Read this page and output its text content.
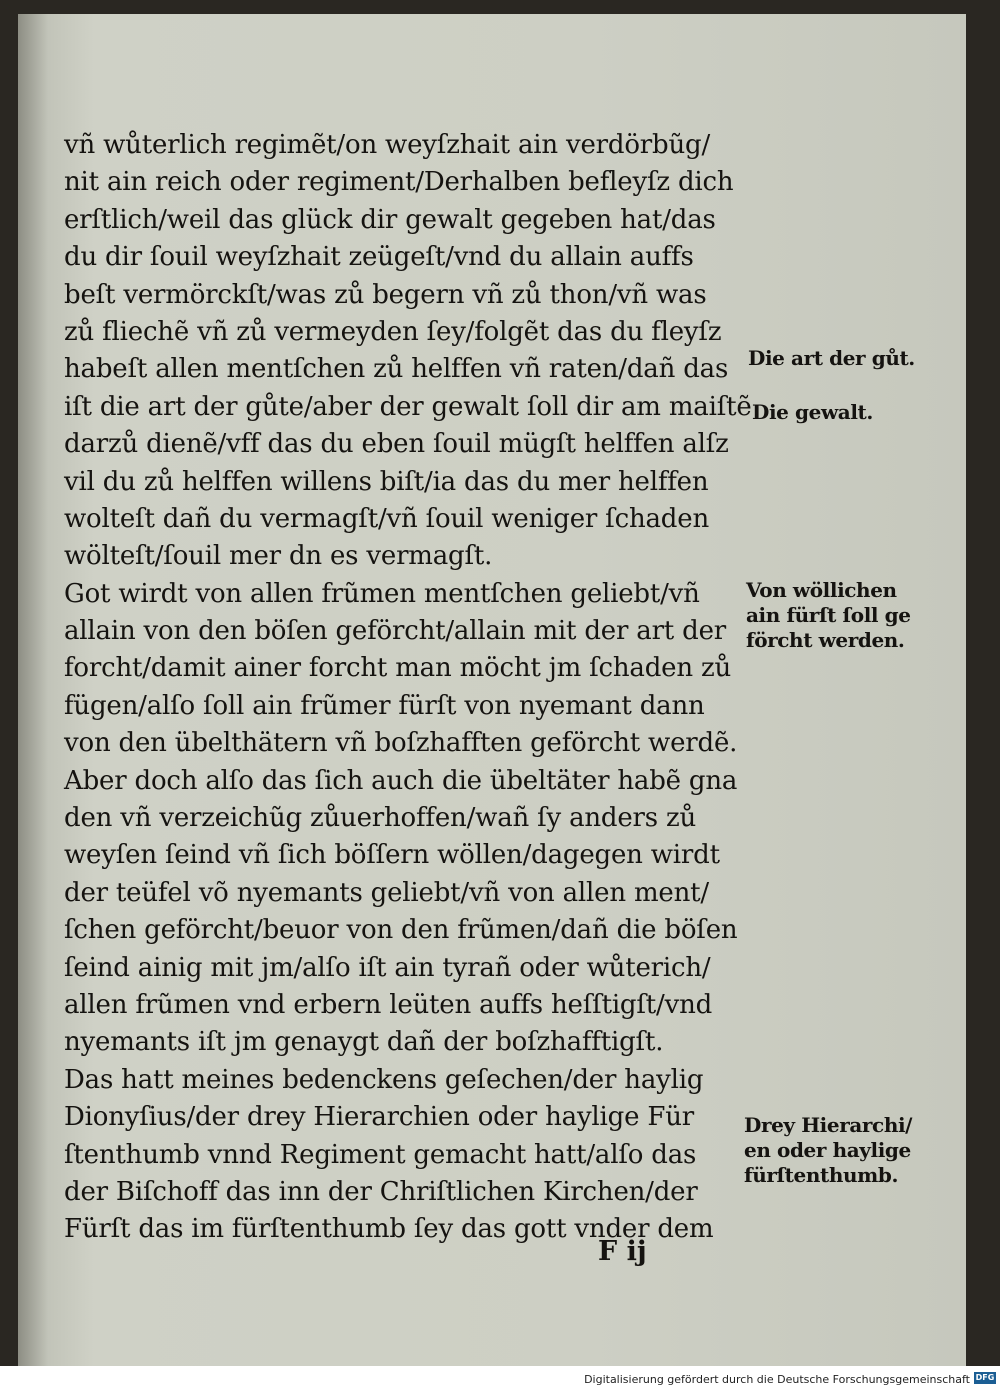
vñ wůterlich regimẽt/on weyſzhait ain verdörbũg/
nit ain reich oder regiment/Derhalben befleyſz dich
erſtlich/weil das glück dir gewalt gegeben hat/das
du dir ſouil weyſzhait zeügeſt/vnd du allain auffs
beſt vermörckſt/was zů begern vñ zů thon/vñ was
zů fliechẽ vñ zů vermeyden ſey/folgẽt das du fleyſz
habeſt allen mentſchen zů helffen vñ raten/dañ das
iſt die art der gůte/aber der gewalt ſoll dir am maiſtẽ
darzů dienẽ/vff das du eben ſouil mügſt helffen alſz
vil du zů helffen willens biſt/ia das du mer helffen
wolteſt dañ du vermagſt/vñ ſouil weniger ſchaden
wölteſt/ſouil mer dn es vermagſt.
Got wirdt von allen frũmen mentſchen geliebt/vñ
allain von den böſen geförcht/allain mit der art der
forcht/damit ainer forcht man möcht jm ſchaden zů
fügen/alſo ſoll ain frũmer fürſt von nyemant dann
von den übelthätern vñ boſzhafften geförcht werdẽ.
Aber doch alſo das ſich auch die übeltäter habẽ gna
den vñ verzeichũg zůuerhoffen/wañ ſy anders zů
weyſen ſeind vñ ſich böſſern wöllen/dagegen wirdt
der teüfel võ nyemants geliebt/vñ von allen ment/
ſchen geförcht/beuor von den frũmen/dañ die böſen
ſeind ainig mit jm/alſo iſt ain tyrañ oder wůterich/
allen frũmen vnd erbern leüten auffs heſſtigſt/vnd
nyemants iſt jm genaygt dañ der boſzhafftigſt.
Das hatt meines bedenckens geſechen/der haylig
Dionyſius/der drey Hierarchien oder haylige Für
ſtenthumb vnnd Regiment gemacht hatt/alſo das
der Biſchoff das inn der Chriſtlichen Kirchen/der
Fürſt das im fürſtenthumb ſey das gott vnder dem
Die art der gůt.
Die gewalt.
Von wöllichen
ain fürſt ſoll ge
förcht werden.
Drey Hierarchi/
en oder haylige
fürſtenthumb.
F ij
Digitalisierung gefördert durch die Deutsche Forschungsgemeinschaft DFG
